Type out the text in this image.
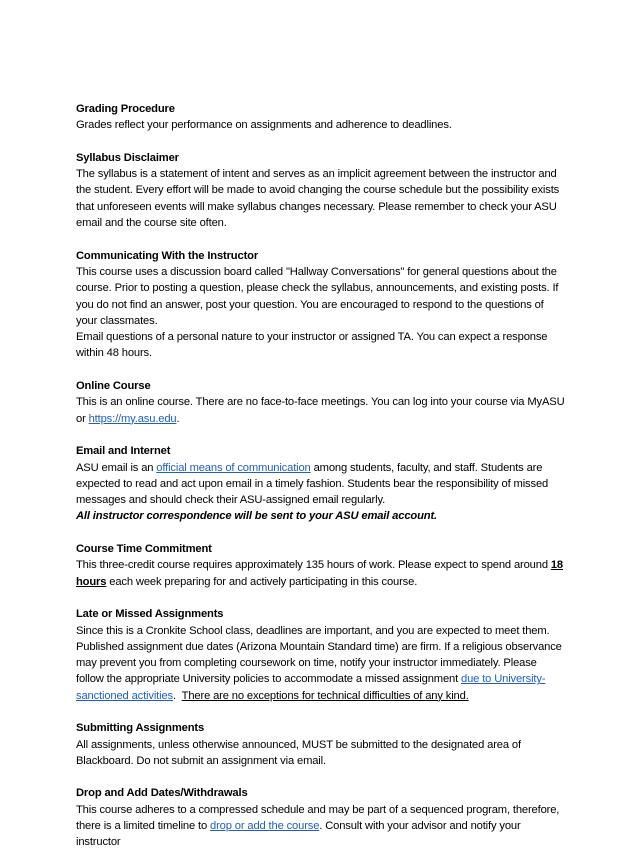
Grading Procedure
Grades reflect your performance on assignments and adherence to deadlines.
Syllabus Disclaimer
The syllabus is a statement of intent and serves as an implicit agreement between the instructor and the student. Every effort will be made to avoid changing the course schedule but the possibility exists that unforeseen events will make syllabus changes necessary. Please remember to check your ASU email and the course site often.
Communicating With the Instructor
This course uses a discussion board called "Hallway Conversations" for general questions about the course. Prior to posting a question, please check the syllabus, announcements, and existing posts. If you do not find an answer, post your question. You are encouraged to respond to the questions of your classmates.
Email questions of a personal nature to your instructor or assigned TA. You can expect a response within 48 hours.
Online Course
This is an online course. There are no face-to-face meetings. You can log into your course via MyASU or https://my.asu.edu.
Email and Internet
ASU email is an official means of communication among students, faculty, and staff. Students are expected to read and act upon email in a timely fashion. Students bear the responsibility of missed messages and should check their ASU-assigned email regularly.
All instructor correspondence will be sent to your ASU email account.
Course Time Commitment
This three-credit course requires approximately 135 hours of work. Please expect to spend around 18 hours each week preparing for and actively participating in this course.
Late or Missed Assignments
Since this is a Cronkite School class, deadlines are important, and you are expected to meet them. Published assignment due dates (Arizona Mountain Standard time) are firm. If a religious observance may prevent you from completing coursework on time, notify your instructor immediately. Please follow the appropriate University policies to accommodate a missed assignment due to University-sanctioned activities.  There are no exceptions for technical difficulties of any kind.
Submitting Assignments
All assignments, unless otherwise announced, MUST be submitted to the designated area of Blackboard. Do not submit an assignment via email.
Drop and Add Dates/Withdrawals
This course adheres to a compressed schedule and may be part of a sequenced program, therefore, there is a limited timeline to drop or add the course. Consult with your advisor and notify your instructor
